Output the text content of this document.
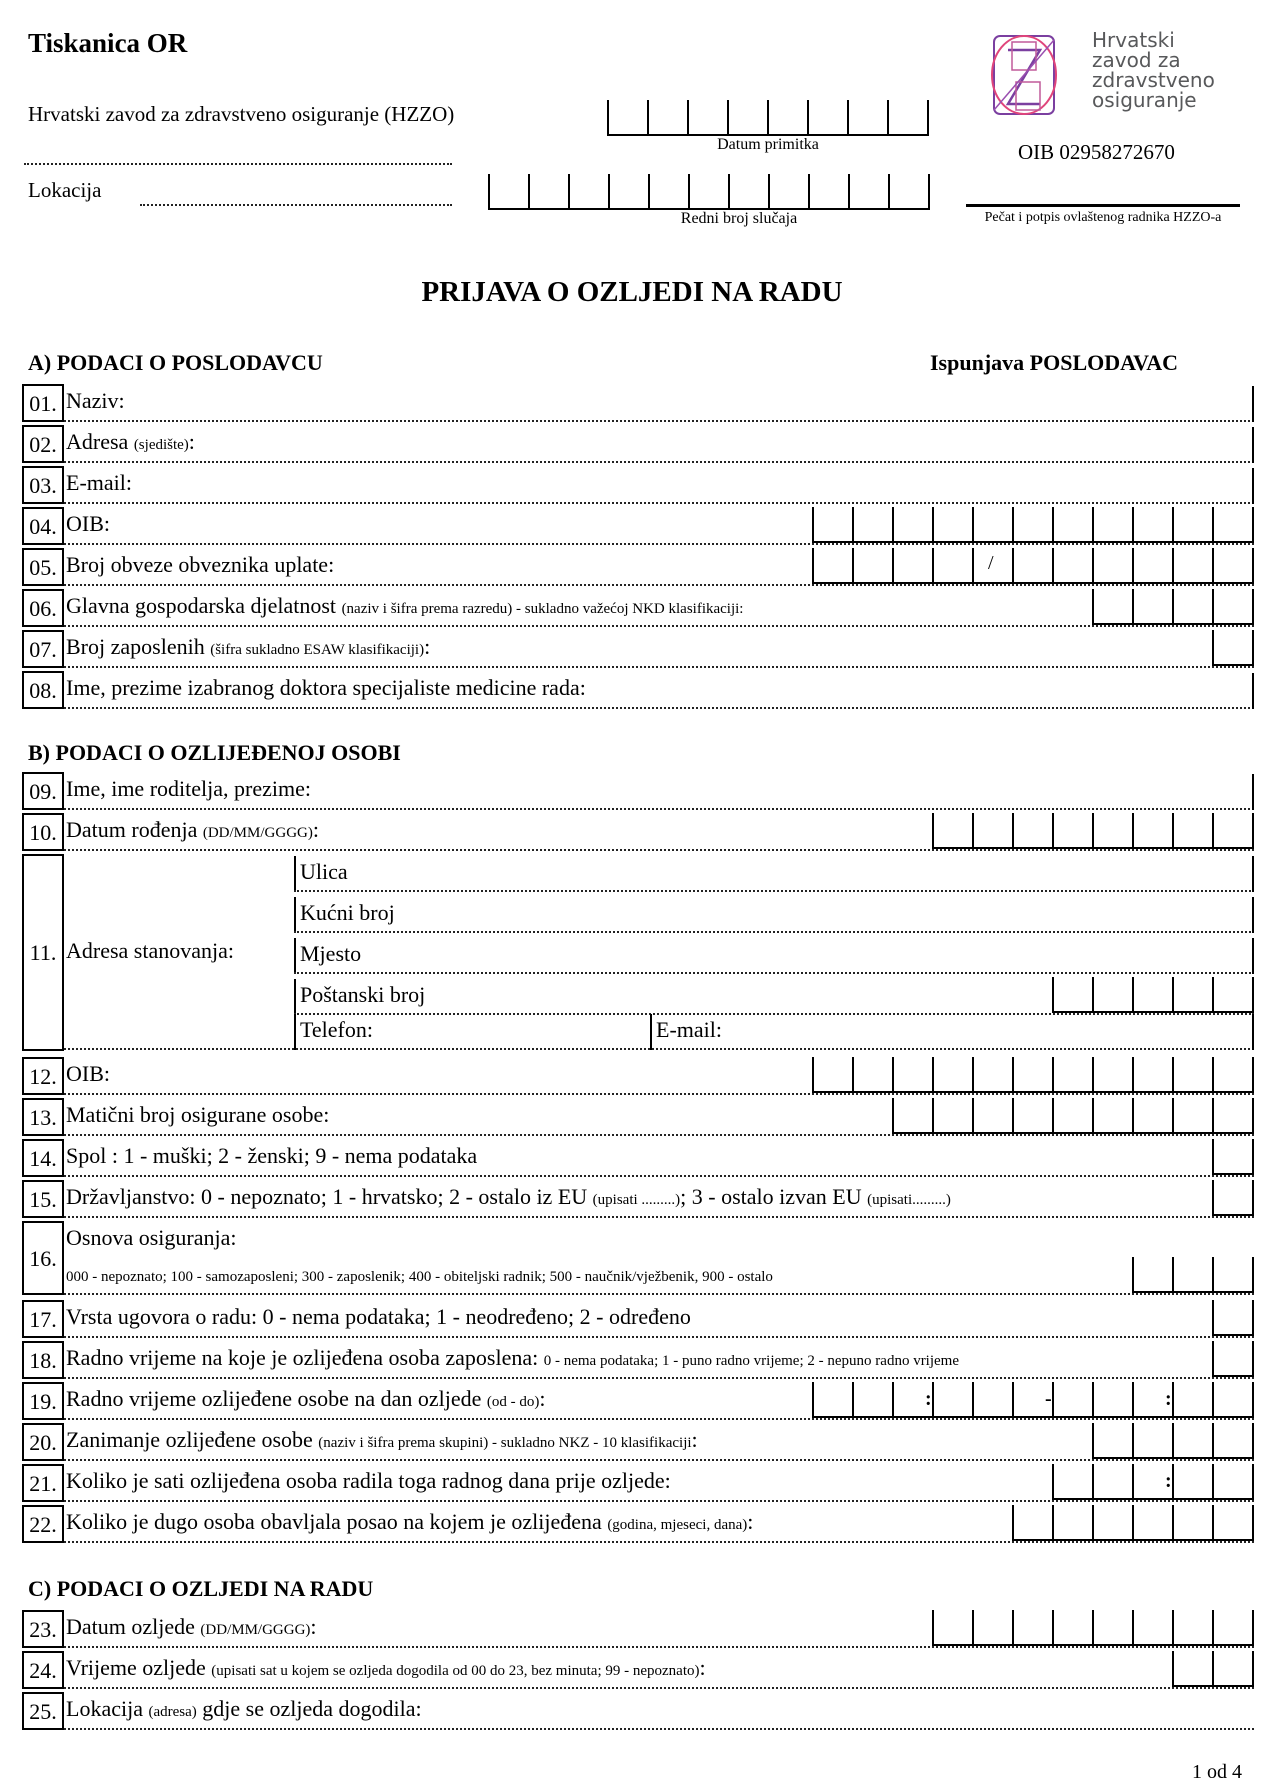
Tiskanica OR
Hrvatski zavod za zdravstveno osiguranje (HZZO)
Lokacija
Datum primitka
Redni broj slučaja
Hrvatski
zavod za
zdravstveno
osiguranje
OIB 02958272670
Pečat i potpis ovlaštenog radnika HZZO-a
PRIJAVA O OZLJEDI NA RADU
A) PODACI O POSLODAVCU	Ispunjava POSLODAVAC
01. Naziv:
02. Adresa (sjedište):
03. E-mail:
04. OIB:
05. Broj obveze obveznika uplate:	/
06. Glavna gospodarska djelatnost (naziv i šifra prema razredu) - sukladno važećoj NKD klasifikaciji:
07. Broj zaposlenih (šifra sukladno ESAW klasifikaciji):
08. Ime, prezime izabranog doktora specijaliste medicine rada:
B) PODACI O OZLIJEĐENOJ OSOBI
09. Ime, ime roditelja, prezime:
10. Datum rođenja (DD/MM/GGGG):
11. Adresa stanovanja:
Ulica
Kućni broj
Mjesto
Poštanski broj
Telefon:	E-mail:
12. OIB:
13. Matični broj osigurane osobe:
14. Spol : 1 - muški; 2 - ženski; 9 - nema podataka
15. Državljanstvo: 0 - nepoznato; 1 - hrvatsko; 2 - ostalo iz EU (upisati .........); 3 - ostalo izvan EU (upisati.........)
16.
Osnova osiguranja:
000 - nepoznato; 100 - samozaposleni; 300 - zaposlenik; 400 - obiteljski radnik; 500 - naučnik/vježbenik, 900 - ostalo
17. Vrsta ugovora o radu: 0 - nema podataka; 1 - neodređeno; 2 - određeno
18. Radno vrijeme na koje je ozlijeđena osoba zaposlena: 0 - nema podataka; 1 - puno radno vrijeme; 2 - nepuno radno vrijeme
19. Radno vrijeme ozlijeđene osobe na dan ozljede (od - do):	:	-	:
20. Zanimanje ozlijeđene osobe (naziv i šifra prema skupini) - sukladno NKZ - 10 klasifikaciji:
21. Koliko je sati ozlijeđena osoba radila toga radnog dana prije ozljede:	:
22. Koliko je dugo osoba obavljala posao na kojem je ozlijeđena (godina, mjeseci, dana):
C) PODACI O OZLJEDI NA RADU
23. Datum ozljede (DD/MM/GGGG):
24. Vrijeme ozljede (upisati sat u kojem se ozljeda dogodila od 00 do 23, bez minuta; 99 - nepoznato):
25. Lokacija (adresa) gdje se ozljeda dogodila:
1 od 4
